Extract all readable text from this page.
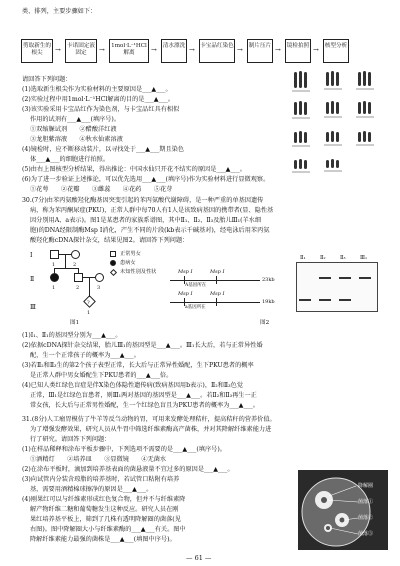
类、排列，主要步骤如下：
剪取新生的根尖	→	卡诺固定液固定	→	1mol·L⁻¹HCl解离	→	清水漂洗 → 卡宝品红染色 →	制片压片 →	镜检拍照 →	核型分析
请回答下列问题：
(1)选取新生根尖作为实验材料的主要原因是___▲___。
(2)实验过程中用1mol·L⁻¹HCl解离的目的是___▲___。
(3)该实验采用卡宝品红作为染色剂，与卡宝品红具有相似
作用的试剂有___▲___(填序号)。
①双缩脲试剂　　②醋酸洋红液
③龙胆紫溶液　　④秋水仙素溶液
(4)镜检时，应不断移动装片，以寻找处于___▲___期且染色
体___▲___的细胞进行拍照。
(5)由右上图核型分析结果，得出推论：中国水仙只开花不结实的原因是___▲___。
(6)为了进一步验证上述推论，可以优先选用___▲___(填序号)作为实验材料进行显微观察。
①花萼　　②花瓣　　③雌蕊　　④花药　　⑤花芽
30.(7分)由苯丙氨酸羟化酶基因突变引起的苯丙氨酸代谢障碍，是一种严重的单基因遗传
病，称为苯丙酮尿症(PKU)，正常人群中每70人有1人是该致病基因的携带者(显、隐性基
因分别用A、a表示)。图1是某患者的家族系谱图，其中Ⅱ₁、Ⅱ₂、Ⅱ₃及胎儿Ⅲ₁(羊水细
胞)的DNA经限制酶Msp Ⅰ消化，产生不同的片段(kb表示千碱基对)，经电泳后用苯丙氨
酸羟化酶cDNA探针杂交，结果见图2。请回答下列问题：
Ⅰ
Ⅱ
Ⅲ
1	2
1	2	3
1
?
正常男女
患病女
未知性别及性状
图1
Msp Ⅰ	Msp Ⅰ
A基因所在
Msp Ⅰ	Msp Ⅰ
a基因所在
23kb
19kb
Ⅱ₁	Ⅱ₂	Ⅱ₃	Ⅲ₁
图2
(1)Ⅰ₁、Ⅱ₁的基因型分别为___▲___。
(2)依据cDNA探针杂交结果，胎儿Ⅲ₁的基因型是___▲___。Ⅲ₁长大后，若与正常异性婚
配，生一个正常孩子的概率为___▲___。
(3)若Ⅱ₂和Ⅱ₃生的第2个孩子表型正常，长大后与正常异性婚配，生下PKU患者的概率
是正常人群中男女婚配生下PKU患者的___▲___倍。
(4)已知人类红绿色盲症是伴X染色体隐性遗传病(致病基因用b表示)，Ⅱ₂和Ⅱ₃色觉
正常，Ⅲ₁是红绿色盲患者，则Ⅲ₁两对基因的基因型是___▲___。若Ⅱ₂和Ⅱ₃再生一正
常女孩，长大后与正常男性婚配，生一个红绿色盲且为PKU患者的概率为___▲___。
31.(8分)人工瘤胃模仿了牛羊等反刍动物的胃，可用来发酵处理秸秆，提高秸秆的营养价值。
为了增强发酵效果，研究人员从牛胃中筛选纤维素酶高产菌株，并对其降解纤维素能力进
行了研究。请回答下列问题：
(1)在样品稀释和涂布平板步骤中，下列选项不需要的是___▲___(填序号)。
①酒精灯　　②培养皿　　③显微镜　　④无菌水
(2)在涂布平板时，滴加到培养基表面的菌悬液量不宜过多的原因是___▲___。
(3)向试管内分装含琼脂的培养基时，若试管口粘附有培养
基，需要用酒精棉球擦净的原因是___▲___。
(4)刚果红可以与纤维素形成红色复合物，但并不与纤维素降
解产物纤维二糖和葡萄糖发生这种反应。研究人员在刚
果红培养基平板上，筛到了几株有透明降解圈的菌落(见
右图)。图中降解圈大小与纤维素酶的___▲___有关。图中
降解纤维素能力最强的菌株是___▲___(填图中序号)。
降解圈
菌落①
菌落②
菌落③
— 61 —
